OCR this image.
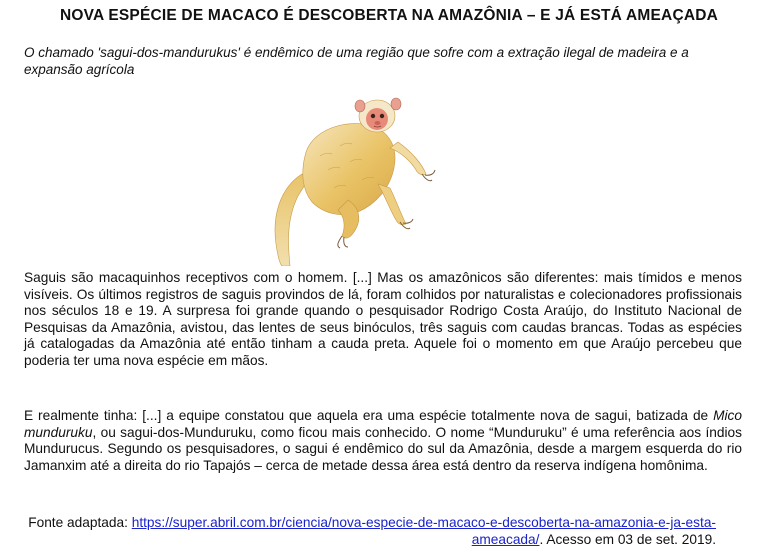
NOVA ESPÉCIE DE MACACO É DESCOBERTA NA AMAZÔNIA – E JÁ ESTÁ AMEAÇADA
O chamado 'sagui-dos-mandurukus' é endêmico de uma região que sofre com a extração ilegal de madeira e a expansão agrícola
Saguis são macaquinhos receptivos com o homem. [...] Mas os amazônicos são diferentes: mais tímidos e menos visíveis. Os últimos registros de saguis provindos de lá, foram colhidos por naturalistas e colecionadores profissionais nos séculos 18 e 19. A surpresa foi grande quando o pesquisador Rodrigo Costa Araújo, do Instituto Nacional de Pesquisas da Amazônia, avistou, das lentes de seus binóculos, três saguis com caudas brancas. Todas as espécies já catalogadas da Amazônia até então tinham a cauda preta. Aquele foi o momento em que Araújo percebeu que poderia ter uma nova espécie em mãos.
E realmente tinha: [...] a equipe constatou que aquela era uma espécie totalmente nova de sagui, batizada de Mico munduruku, ou sagui-dos-Munduruku, como ficou mais conhecido. O nome “Munduruku” é uma referência aos índios Mundurucus. Segundo os pesquisadores, o sagui é endêmico do sul da Amazônia, desde a margem esquerda do rio Jamanxim até a direita do rio Tapajós – cerca de metade dessa área está dentro da reserva indígena homônima.
Fonte adaptada: https://super.abril.com.br/ciencia/nova-especie-de-macaco-e-descoberta-na-amazonia-e-ja-esta-ameacada/. Acesso em 03 de set. 2019.
